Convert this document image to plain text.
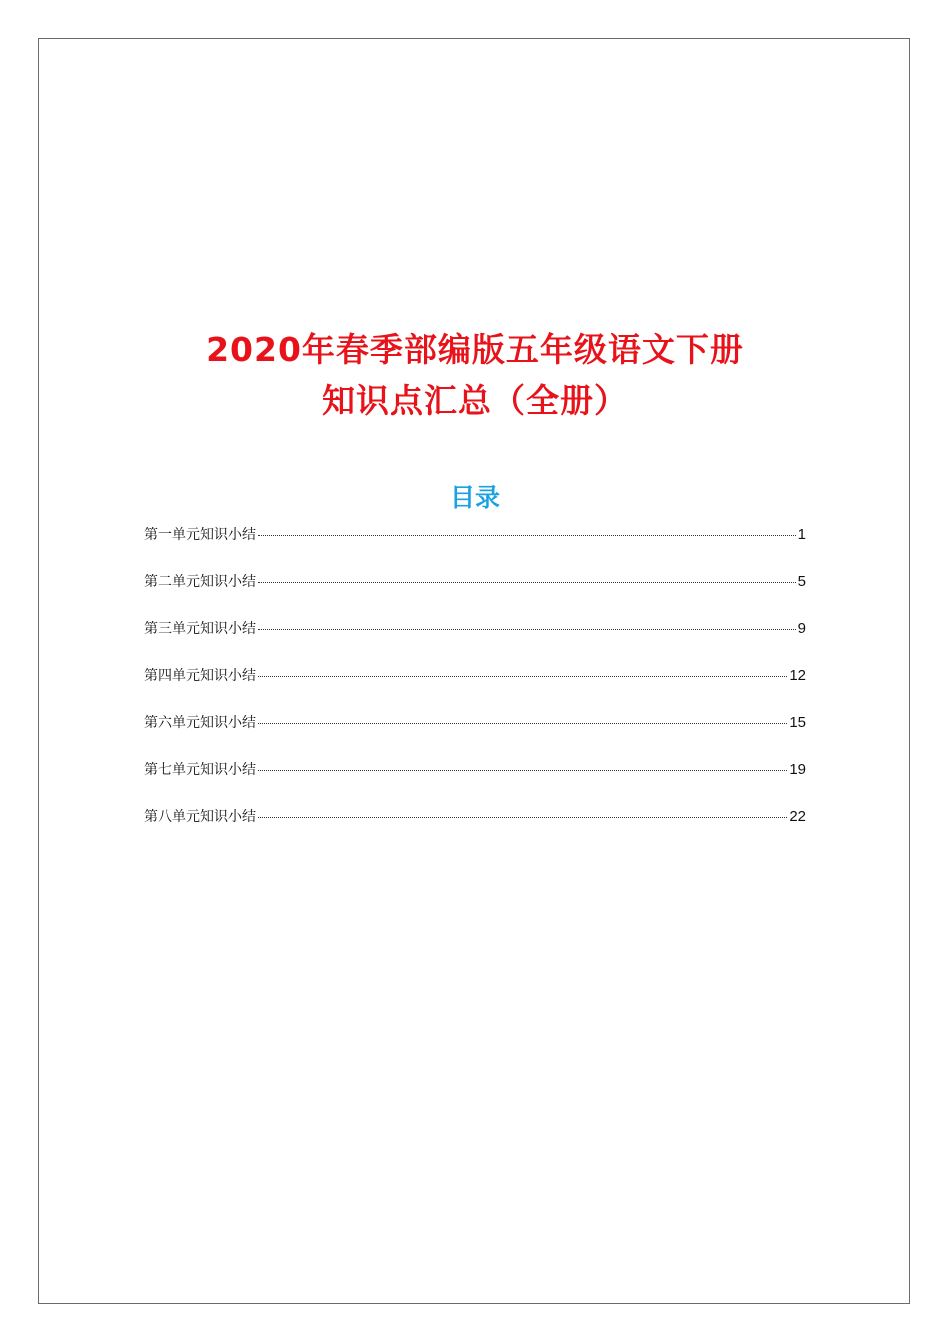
2020年春季部编版五年级语文下册
知识点汇总（全册）
目录
第一单元知识小结	1
第二单元知识小结	5
第三单元知识小结	9
第四单元知识小结	12
第六单元知识小结	15
第七单元知识小结	19
第八单元知识小结	22
